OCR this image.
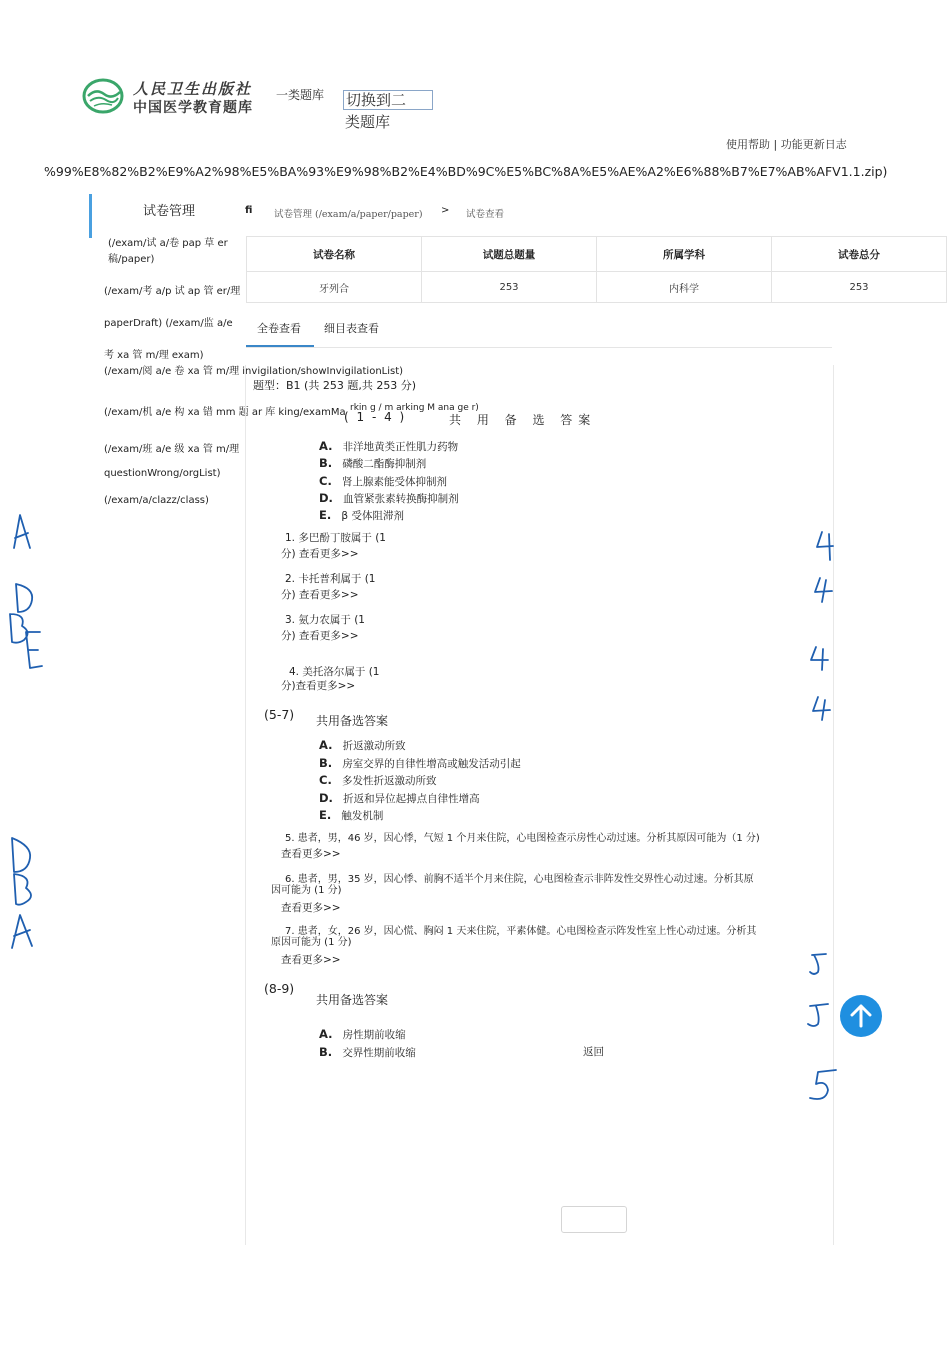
人民卫生出版社
中国医学教育题库
一类题库 切换到二
类题库
使用帮助 | 功能更新日志
%99%E8%82%B2%E9%A2%98%E5%BA%93%E9%98%B2%E4%BD%9C%E5%BC%8A%E5%AE%A2%E6%88%B7%E7%AB%AFV1.1.zip)
试卷管理
(/exam/试 a/卷 pap 草 er
稿/paper)
(/exam/考 a/p 试 ap 管 er/理
paperDraft) (/exam/监 a/e
考 xa 管 m/理 exam)
(/exam/阅 a/e 卷 xa 管 m/理 invigilation/showInvigilationList)
(/exam/机 a/e 构 xa 错 mm 题 ar 库 king/examMa
(/exam/班 a/e 级 xa 管 m/理
questionWrong/orgList)
(/exam/a/clazz/class)
rkin g / m arking M ana ge r)
fi 试卷管理 (/exam/a/paper/paper) > 试卷查看
试卷名称	试题总题量	所属学科	试卷总分
牙列合	253	内科学	253
全卷查看 细目表查看
题型：B1 (共 253 题,共 253 分)
( 1 - 4 )	共 用 备 选 答案
A. 非洋地黄类正性肌力药物
B. 磷酸二酯酶抑制剂
C. 肾上腺素能受体抑制剂
D. 血管紧张素转换酶抑制剂
E. β 受体阻滞剂
1. 多巴酚丁胺属于 (1
分) 查看更多>>
2. 卡托普利属于 (1
分) 查看更多>>
3. 氨力农属于 (1
分) 查看更多>>
4. 美托洛尔属于 (1
分)查看更多>>
(5-7) 共用备选答案
A. 折返激动所致
B. 房室交界的自律性增高或触发活动引起
C. 多发性折返激动所致
D. 折返和异位起搏点自律性增高
E. 触发机制
5. 患者，男，46 岁，因心悸，气短 1 个月来住院，心电图检查示房性心动过速。分析其原因可能为（1 分)
查看更多>>
6. 患者，男，35 岁，因心悸、前胸不适半个月来住院，心电图检查示非阵发性交界性心动过速。分析其原
因可能为 (1 分)
查看更多>>
7. 患者，女，26 岁，因心慌、胸闷 1 天来住院，平素体健。心电图检查示阵发性室上性心动过速。分析其
原因可能为 (1 分)
查看更多>>
(8-9)
共用备选答案
A. 房性期前收缩
B. 交界性期前收缩	返回
